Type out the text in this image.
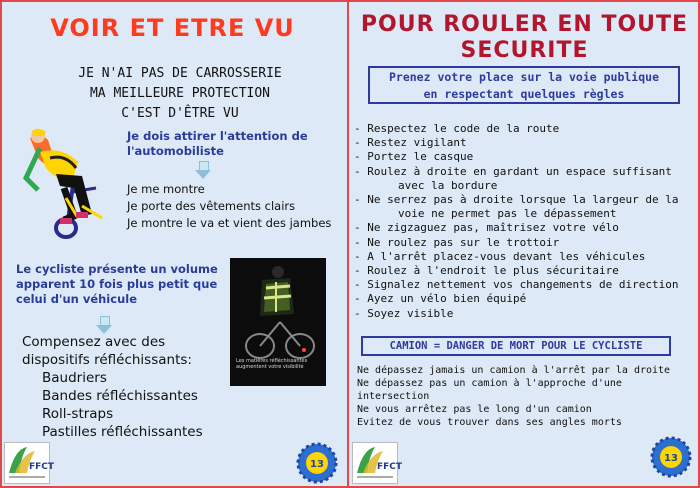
VOIR ET ETRE VU
JE N'AI PAS DE CARROSSERIE
MA MEILLEURE PROTECTION
C'EST D'ÊTRE VU
Je dois attirer l'attention de
l'automobiliste
Je me montre
Je porte des vêtements clairs
Je montre le va et vient des jambes
Le cycliste présente un volume
apparent 10 fois plus petit que
celui d'un véhicule
Compensez avec des
dispositifs réfléchissants:
Baudriers
Bandes réfléchissantes
Roll-straps
Pastilles réfléchissantes
Les matières réfléchissantes augmentent votre visibilité
FFCT	13
POUR ROULER EN TOUTE
SECURITE
Prenez votre place sur la voie publique
en respectant quelques règles
- Respectez le code de la route
- Restez vigilant
- Portez le casque
- Roulez à droite en gardant un espace suffisant
avec la bordure
- Ne serrez pas à droite lorsque la largeur de la
voie ne permet pas le dépassement
- Ne zigzaguez pas, maîtrisez votre vélo
- Ne roulez pas sur le trottoir
- A l'arrêt placez-vous devant les véhicules
- Roulez à l'endroit le plus sécuritaire
- Signalez nettement vos changements de direction
- Ayez un vélo bien équipé
- Soyez visible
CAMION = DANGER DE MORT POUR LE CYCLISTE
Ne dépassez jamais un camion à l'arrêt par la droite
Ne dépassez pas un camion à l'approche d'une intersection
Ne vous arrêtez pas le long d'un camion
Evitez de vous trouver dans ses angles morts
FFCT
13
